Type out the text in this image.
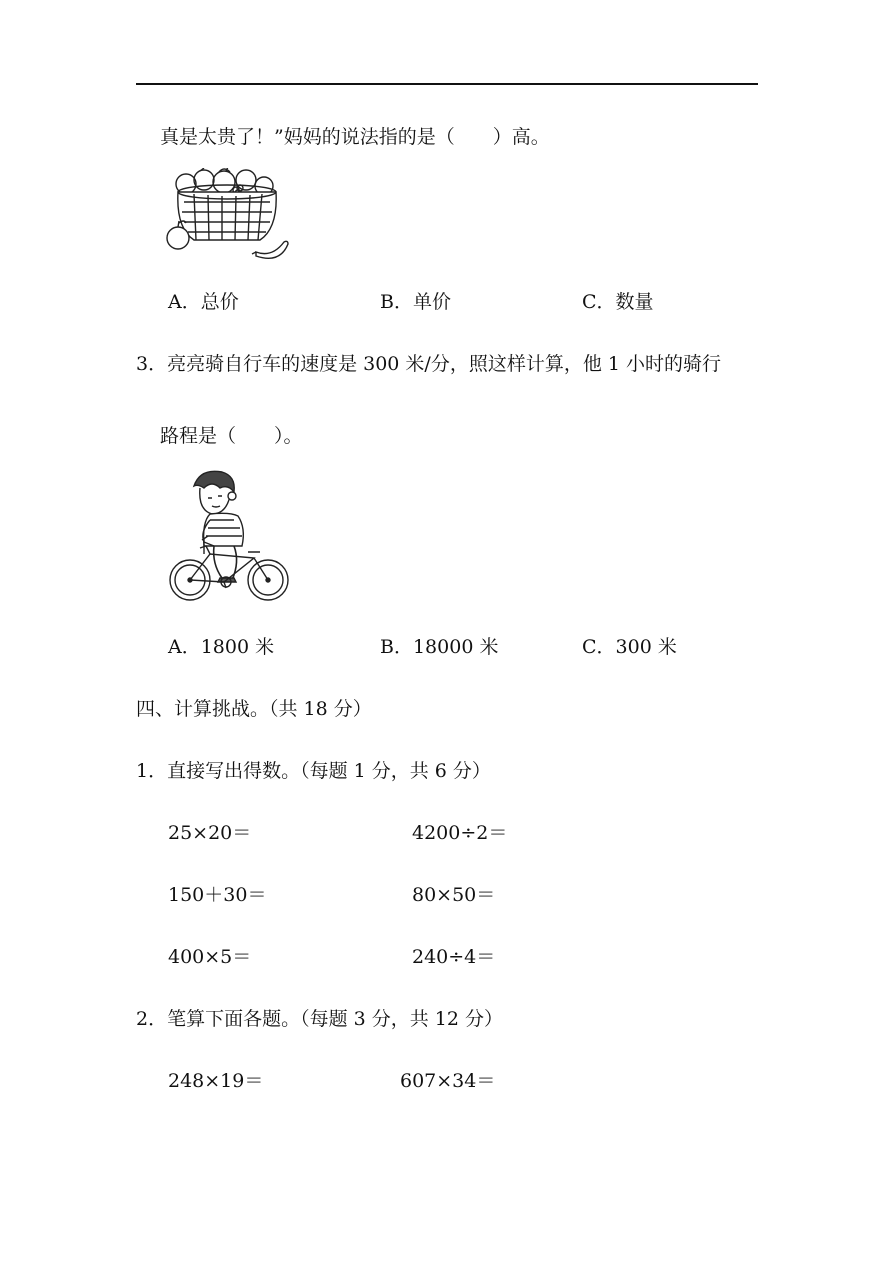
真是太贵了！”妈妈的说法指的是（　　）高。
A．总价	B．单价	C．数量
3．亮亮骑自行车的速度是 300 米/分，照这样计算，他 1 小时的骑行
路程是（　　）。
A．1800 米	B．18000 米	C．300 米
四、计算挑战。（共 18 分）
1．直接写出得数。（每题 1 分，共 6 分）
25×20＝	4200÷2＝
150＋30＝	80×50＝
400×5＝	240÷4＝
2．笔算下面各题。（每题 3 分，共 12 分）
248×19＝	607×34＝
